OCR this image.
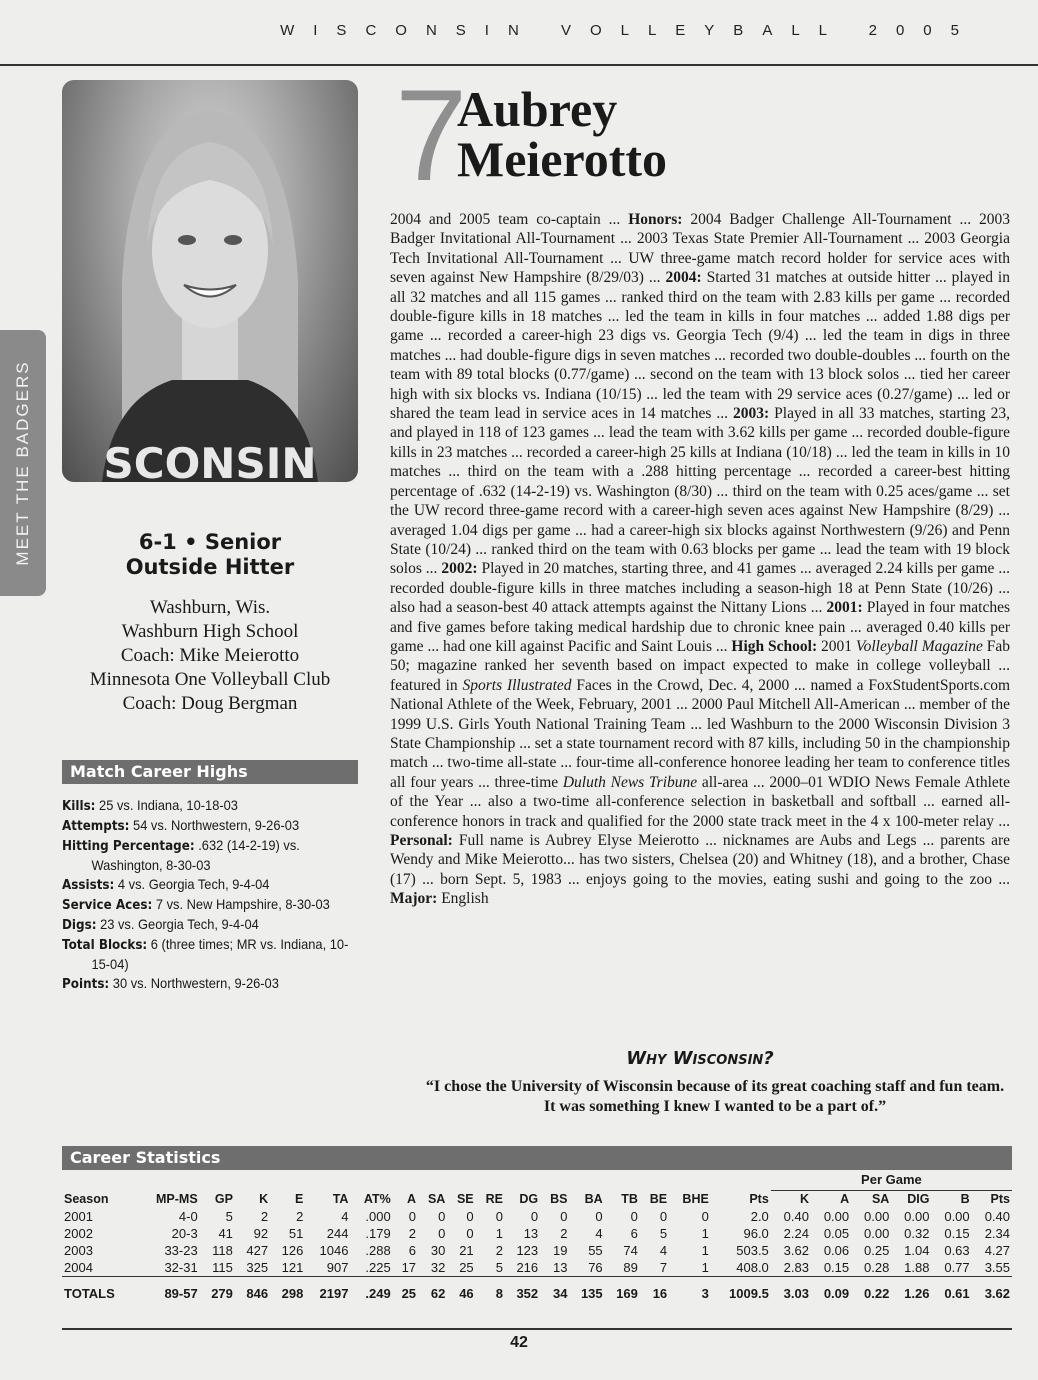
WISCONSIN VOLLEYBALL 2005
MEET THE BADGERS SCONSIN
6-1 • Senior
Outside Hitter
Washburn, Wis.
Washburn High School
Coach: Mike Meierotto
Minnesota One Volleyball Club
Coach: Doug Bergman
Match Career Highs
Kills: 25 vs. Indiana, 10-18-03
Attempts: 54 vs. Northwestern, 9-26-03
Hitting Percentage: .632 (14-2-19) vs. Washington, 8-30-03
Assists: 4 vs. Georgia Tech, 9-4-04
Service Aces: 7 vs. New Hampshire, 8-30-03
Digs: 23 vs. Georgia Tech, 9-4-04
Total Blocks: 6 (three times; MR vs. Indiana, 10-15-04)
Points: 30 vs. Northwestern, 9-26-03
7
Aubrey
Meierotto
2004 and 2005 team co-captain ... Honors: 2004 Badger Challenge All-Tournament ... 2003 Badger Invitational All-Tournament ... 2003 Texas State Premier All-Tournament ... 2003 Georgia Tech Invitational All-Tournament ... UW three-game match record holder for service aces with seven against New Hampshire (8/29/03) ... 2004: Started 31 matches at outside hitter ... played in all 32 matches and all 115 games ... ranked third on the team with 2.83 kills per game ... recorded double-figure kills in 18 matches ... led the team in kills in four matches ... added 1.88 digs per game ... recorded a career-high 23 digs vs. Georgia Tech (9/4) ... led the team in digs in three matches ... had double-figure digs in seven matches ... recorded two double-doubles ... fourth on the team with 89 total blocks (0.77/game) ... second on the team with 13 block solos ... tied her career high with six blocks vs. Indiana (10/15) ... led the team with 29 service aces (0.27/game) ... led or shared the team lead in service aces in 14 matches ... 2003: Played in all 33 matches, starting 23, and played in 118 of 123 games ... lead the team with 3.62 kills per game ... recorded double-figure kills in 23 matches ... recorded a career-high 25 kills at Indiana (10/18) ... led the team in kills in 10 matches ... third on the team with a .288 hitting percentage ... recorded a career-best hitting percentage of .632 (14-2-19) vs. Washington (8/30) ... third on the team with 0.25 aces/game ... set the UW record three-game record with a career-high seven aces against New Hampshire (8/29) ... averaged 1.04 digs per game ... had a career-high six blocks against Northwestern (9/26) and Penn State (10/24) ... ranked third on the team with 0.63 blocks per game ... lead the team with 19 block solos ... 2002: Played in 20 matches, starting three, and 41 games ... averaged 2.24 kills per game ... recorded double-figure kills in three matches including a season-high 18 at Penn State (10/26) ... also had a season-best 40 attack attempts against the Nittany Lions ... 2001: Played in four matches and five games before taking medical hardship due to chronic knee pain ... averaged 0.40 kills per game ... had one kill against Pacific and Saint Louis ... High School: 2001 Volleyball Magazine Fab 50; magazine ranked her seventh based on impact expected to make in college volleyball ... featured in Sports Illustrated Faces in the Crowd, Dec. 4, 2000 ... named a FoxStudentSports.com National Athlete of the Week, February, 2001 ... 2000 Paul Mitchell All-American ... member of the 1999 U.S. Girls Youth National Training Team ... led Washburn to the 2000 Wisconsin Division 3 State Championship ... set a state tournament record with 87 kills, including 50 in the championship match ... two-time all-state ... four-time all-conference honoree leading her team to conference titles all four years ... three-time Duluth News Tribune all-area ... 2000–01 WDIO News Female Athlete of the Year ... also a two-time all-conference selection in basketball and softball ... earned all-conference honors in track and qualified for the 2000 state track meet in the 4 x 100-meter relay ... Personal: Full name is Aubrey Elyse Meierotto ... nicknames are Aubs and Legs ... parents are Wendy and Mike Meierotto... has two sisters, Chelsea (20) and Whitney (18), and a brother, Chase (17) ... born Sept. 5, 1983 ... enjoys going to the movies, eating sushi and going to the zoo ... Major: English
Why Wisconsin?
“I chose the University of Wisconsin because of its great coaching staff and fun team. It was something I knew I wanted to be a part of.”
Career Statistics
																		Per Game					
Season	MP-MS	GP	K	E	TA	AT%	A	SA	SE	RE	DG	BS	BA	TB	BE	BHE	Pts	K	A	SA	DIG	B	Pts
2001	4-0	5	2	2	4	.000	0	0	0	0	0	0	0	0	0	0	2.0	0.40	0.00	0.00	0.00	0.00	0.40
2002	20-3	41	92	51	244	.179	2	0	0	1	13	2	4	6	5	1	96.0	2.24	0.05	0.00	0.32	0.15	2.34
2003	33-23	118	427	126	1046	.288	6	30	21	2	123	19	55	74	4	1	503.5	3.62	0.06	0.25	1.04	0.63	4.27
2004	32-31	115	325	121	907	.225	17	32	25	5	216	13	76	89	7	1	408.0	2.83	0.15	0.28	1.88	0.77	3.55
TOTALS	89-57	279	846	298	2197	.249	25	62	46	8	352	34	135	169	16	3	1009.5	3.03	0.09	0.22	1.26	0.61	3.62
42
